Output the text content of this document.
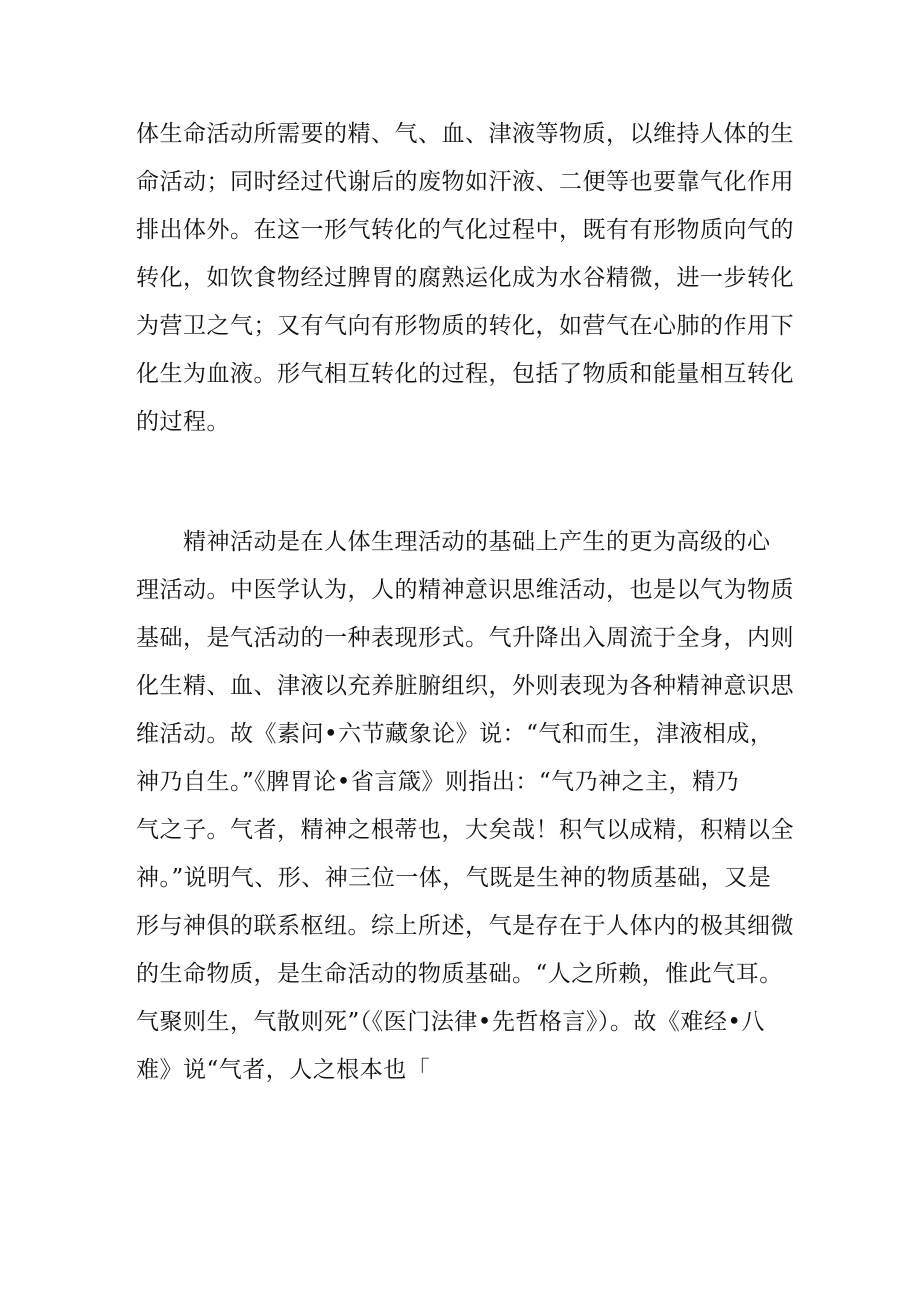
体生命活动所需要的精、气、血、津液等物质，以维持人体的生
命活动；同时经过代谢后的废物如汗液、二便等也要靠气化作用
排出体外。在这一形气转化的气化过程中，既有有形物质向气的
转化，如饮食物经过脾胃的腐熟运化成为水谷精微，进一步转化
为营卫之气；又有气向有形物质的转化，如营气在心肺的作用下
化生为血液。形气相互转化的过程，包括了物质和能量相互转化
的过程。
　　精神活动是在人体生理活动的基础上产生的更为高级的心
理活动。中医学认为，人的精神意识思维活动，也是以气为物质
基础，是气活动的一种表现形式。气升降出入周流于全身，内则
化生精、血、津液以充养脏腑组织，外则表现为各种精神意识思
维活动。故《素问•六节藏象论》说：“气和而生，津液相成，
神乃自生。”《脾胃论•省言箴》则指出：“气乃神之主，精乃
气之子。气者，精神之根蒂也，大矣哉！积气以成精，积精以全
神。”说明气、形、神三位一体，气既是生神的物质基础，又是
形与神俱的联系枢纽。综上所述，气是存在于人体内的极其细微
的生命物质，是生命活动的物质基础。“人之所赖，惟此气耳。
气聚则生，气散则死”（《医门法律•先哲格言》）。故《难经•八
难》说“气者，人之根本也「
